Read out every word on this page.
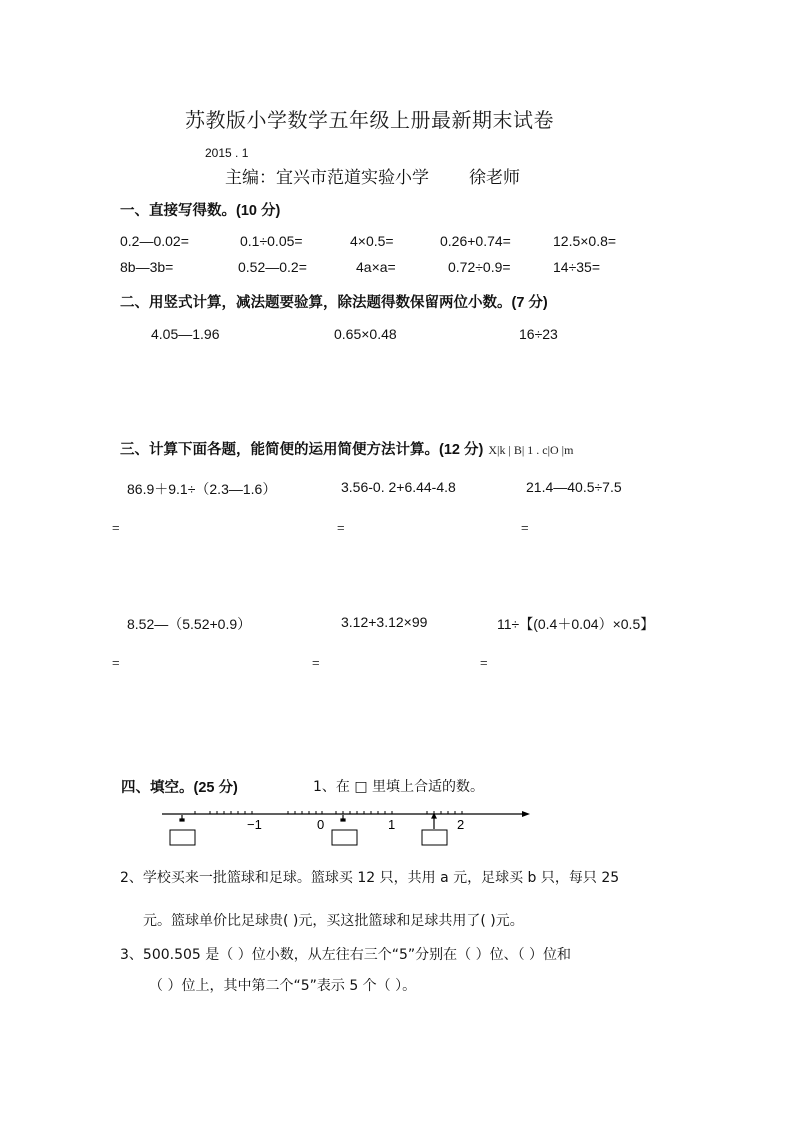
苏教版小学数学五年级上册最新期末试卷
2015 . 1
主编：宜兴市范道实验小学 徐老师
一、直接写得数。(10 分)
0.2—0.02=	0.1÷0.05=	4×0.5=	0.26+0.74=	12.5×0.8=
8b—3b=	0.52—0.2=	4a×a=	0.72÷0.9=	14÷35=
二、用竖式计算，减法题要验算，除法题得数保留两位小数。(7 分)
4.05—1.96	0.65×0.48	16÷23
三、计算下面各题，能简便的运用简便方法计算。(12 分) X|k | B| 1 . c|O |m
86.9＋9.1÷（2.3—1.6）	3.56-0. 2+6.44-4.8	21.4—40.5÷7.5
=	=	=
8.52—（5.52+0.9）	3.12+3.12×99	11÷【(0.4＋0.04）×0.5】
=	=	=
四、填空。(25 分)	1、在 □ 里填上合适的数。
−1	0	1	2
2、学校买来一批篮球和足球。篮球买 12 只，共用 a 元，足球买 b 只，每只 25
元。篮球单价比足球贵( )元，买这批篮球和足球共用了( )元。
3、500.505 是（ ）位小数，从左往右三个“5”分别在（ ）位、（ ）位和
（ ）位上，其中第二个“5”表示 5 个（ ）。
